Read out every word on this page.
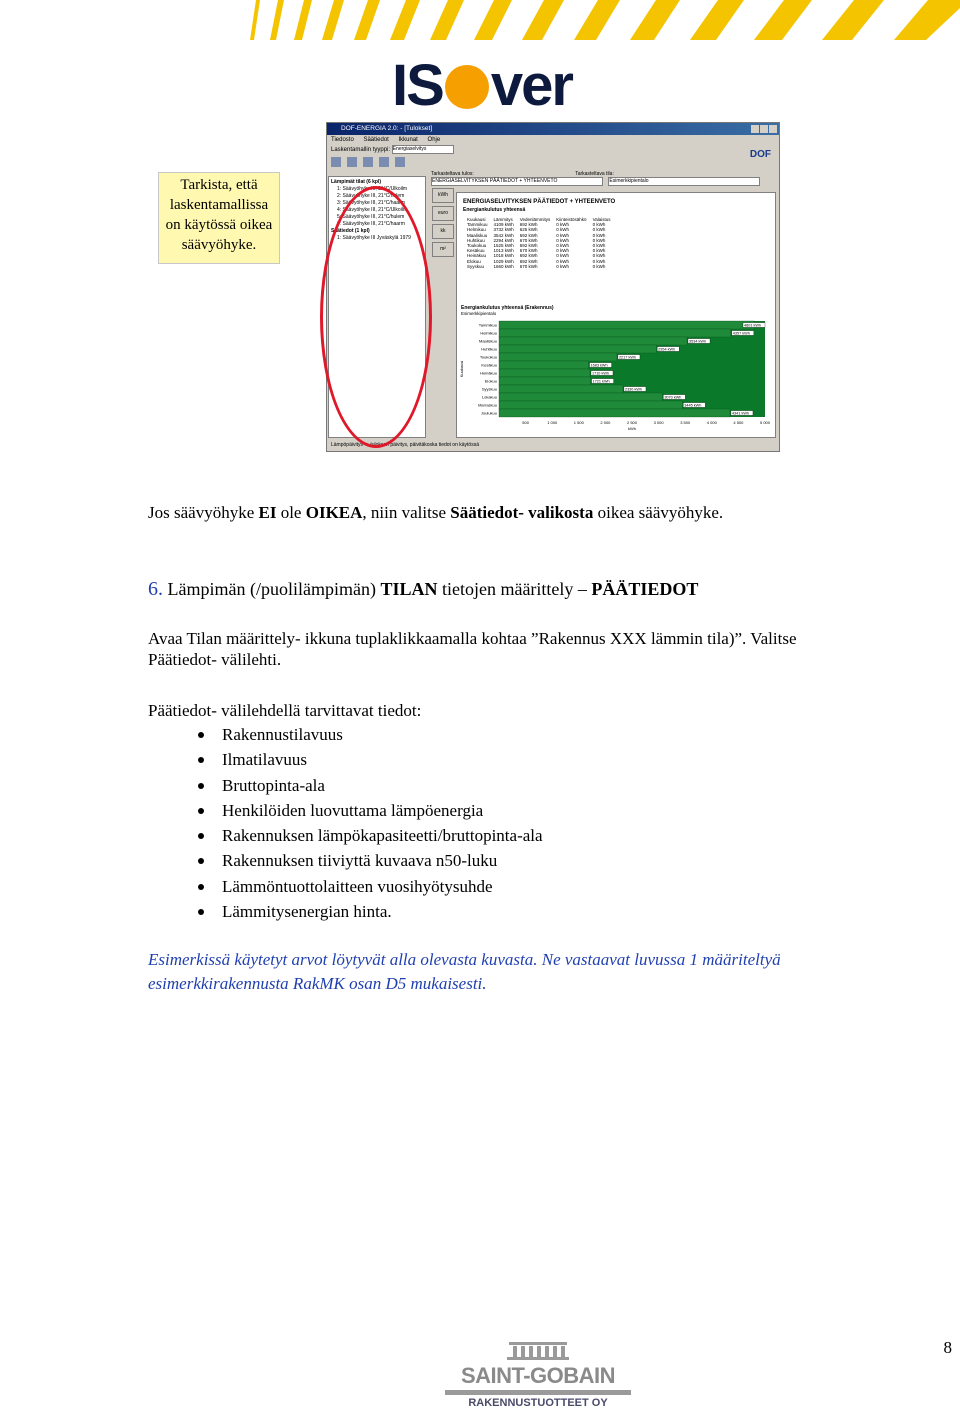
IS ver
Tarkista, että
laskentamallissa
on käytössä oikea
säävyöhyke.
DOF-ENERGIA 2.0: - [Tulokset]
Tiedosto Säätiedot Ikkunat Ohje
Laskentamallin tyyppi: Energiaselvitys	DOF
Tarkasteltava tulos:	Tarkasteltava tila:
ENERGIASELVITYKSEN PÄÄTIEDOT + YHTEENVETO	Esimerkkipientalo
Lämpimät tilat (6 kpl)
1: Säävyöhyke III, 21°C/Ulkoilm
2: Säävyöhyke III, 21°C/hulem
3: Säävyöhyke III, 21°C/haarm
4: Säävyöhyke III, 21°C/Ulkoilm
5: Säävyöhyke III, 21°C/hulem
6: Säävyöhyke III, 21°C/haarm
Säätiedot (1 kpl)
1: Säävyöhyke III Jyväskylä 1979
kWh
euro
kk
m²
ENERGIASELVITYKSEN PÄÄTIEDOT + YHTEENVETO
Energiankulutus yhteensä
Kuukausi	Lämmitys	Vedenlämmitys	Kiinteistösähkö	Valaistus
Tammikuu	4109 kWh	692 kWh	0 kWh	0 kWh
Helmikuu	3732 kWh	625 kWh	0 kWh	0 kWh
Maaliskuu	3542 kWh	692 kWh	0 kWh	0 kWh
Huhtikuu	2294 kWh	670 kWh	0 kWh	0 kWh
Toukokuu	1525 kWh	692 kWh	0 kWh	0 kWh
Kesäkuu	1013 kWh	670 kWh	0 kWh	0 kWh
Heinäkuu	1018 kWh	692 kWh	0 kWh	0 kWh
Elokuu	1029 kWh	692 kWh	0 kWh	0 kWh
Syyskuu	1660 kWh	670 kWh	0 kWh	0 kWh
Energiankulutus yhteensä (Erakennus)
Esimerkkipientalo
Tammikuu	4801 kWh
Helmikuu	4357 kWh
Maaliskuu	3534 kWh
Huhtikuu	2954 kWh
Toukokuu	2217 kWh
Kesäkuu	1683 kWh
Heinäkuu	1710 kWh
Elokuu	1721 kWh
Syyskuu	2330 kWh
Lokakuu	3070 kWh
Marraskuu	3445 kWh
Joulukuu	4341 kWh
500	1 000	1 500	2 000	2 500	3 000	3 500	4 000	4 500	5 000
kWh
Kuukausi
Lämpöpäivitys -> tuloksen päivitys, päivitäkoska tiedot on käytössä
Jos säävyöhyke EI ole OIKEA, niin valitse Säätiedot- valikosta oikea säävyöhyke.
6. Lämpimän (/puolilämpimän) TILAN tietojen määrittely – PÄÄTIEDOT
Avaa Tilan määrittely- ikkuna tuplaklikkaamalla kohtaa ”Rakennus XXX lämmin tila)”. Valitse
Päätiedot- välilehti.
Päätiedot- välilehdellä tarvittavat tiedot:
Rakennustilavuus
Ilmatilavuus
Bruttopinta-ala
Henkilöiden luovuttama lämpöenergia
Rakennuksen lämpökapasiteetti/bruttopinta-ala
Rakennuksen tiiviyttä kuvaava n50-luku
Lämmöntuottolaitteen vuosihyötysuhde
Lämmitysenergian hinta.
Esimerkissä käytetyt arvot löytyvät alla olevasta kuvasta. Ne vastaavat luvussa 1 määriteltyä
esimerkkirakennusta RakMK osan D5 mukaisesti.
SAINT-GOBAIN
RAKENNUSTUOTTEET OY
8
